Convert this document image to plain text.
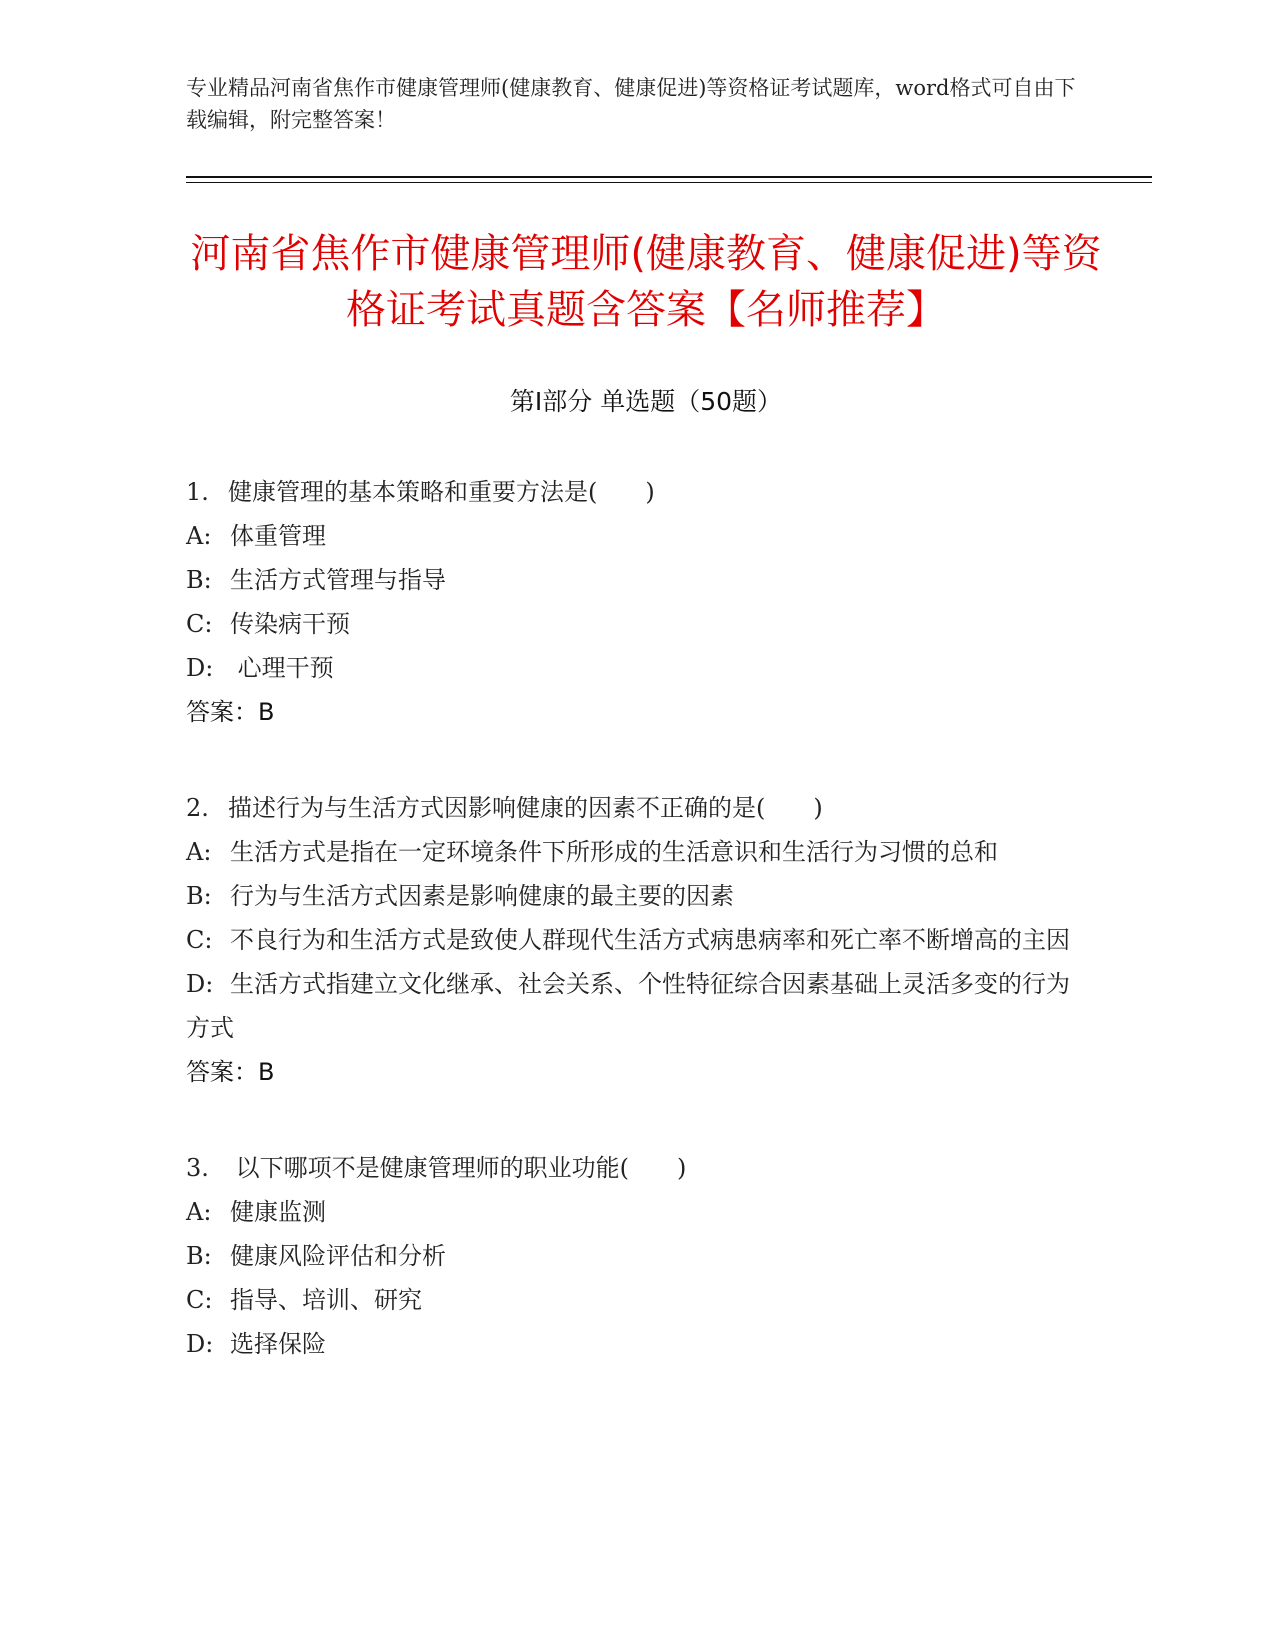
专业精品河南省焦作市健康管理师(健康教育、健康促进)等资格证考试题库，word格式可自由下载编辑，附完整答案！
河南省焦作市健康管理师(健康教育、健康促进)等资格证考试真题含答案【名师推荐】
第Ⅰ部分 单选题（50题）

1. 健康管理的基本策略和重要方法是(　　)

A: 体重管理

B: 生活方式管理与指导

C: 传染病干预

D: 心理干预

答案：B

2. 描述行为与生活方式因影响健康的因素不正确的是(　　)

A: 生活方式是指在一定环境条件下所形成的生活意识和生活行为习惯的总和

B: 行为与生活方式因素是影响健康的最主要的因素

C: 不良行为和生活方式是致使人群现代生活方式病患病率和死亡率不断增高的主因

D: 生活方式指建立文化继承、社会关系、个性特征综合因素基础上灵活多变的行为方式

答案：B

3. 以下哪项不是健康管理师的职业功能(　　)

A: 健康监测

B: 健康风险评估和分析

C: 指导、培训、研究

D: 选择保险
